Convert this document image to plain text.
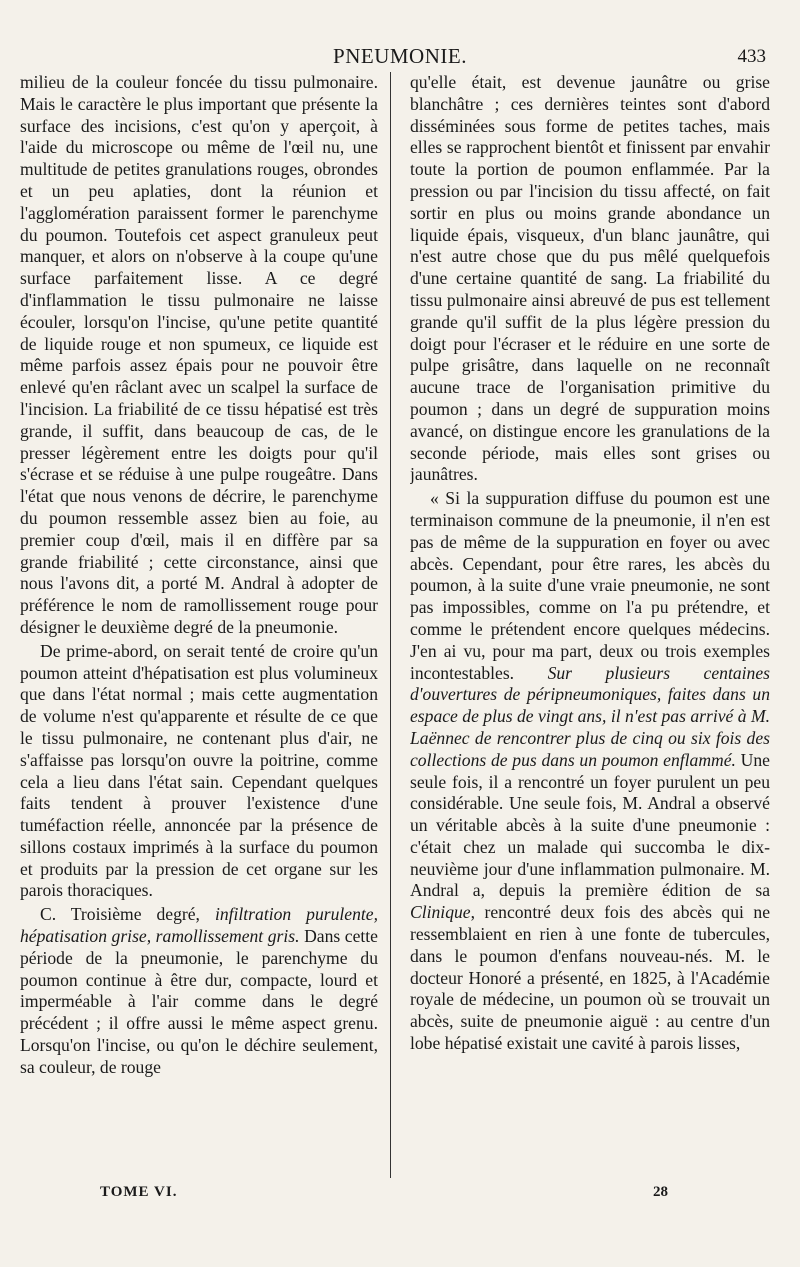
PNEUMONIE.	433

milieu de la couleur foncée du tissu pulmonaire. Mais le caractère le plus important que présente la surface des incisions, c'est qu'on y aperçoit, à l'aide du microscope ou même de l'œil nu, une multitude de petites granulations rouges, obrondes et un peu aplaties, dont la réunion et l'agglomération paraissent former le parenchyme du poumon. Toutefois cet aspect granuleux peut manquer, et alors on n'observe à la coupe qu'une surface parfaitement lisse. A ce degré d'inflammation le tissu pulmonaire ne laisse écouler, lorsqu'on l'incise, qu'une petite quantité de liquide rouge et non spumeux, ce liquide est même parfois assez épais pour ne pouvoir être enlevé qu'en râclant avec un scalpel la surface de l'incision. La friabilité de ce tissu hépatisé est très grande, il suffit, dans beaucoup de cas, de le presser légèrement entre les doigts pour qu'il s'écrase et se réduise à une pulpe rougeâtre. Dans l'état que nous venons de décrire, le parenchyme du poumon ressemble assez bien au foie, au premier coup d'œil, mais il en diffère par sa grande friabilité ; cette circonstance, ainsi que nous l'avons dit, a porté M. Andral à adopter de préférence le nom de ramollissement rouge pour désigner le deuxième degré de la pneumonie.

De prime-abord, on serait tenté de croire qu'un poumon atteint d'hépatisation est plus volumineux que dans l'état normal ; mais cette augmentation de volume n'est qu'apparente et résulte de ce que le tissu pulmonaire, ne contenant plus d'air, ne s'affaisse pas lorsqu'on ouvre la poitrine, comme cela a lieu dans l'état sain. Cependant quelques faits tendent à prouver l'existence d'une tuméfaction réelle, annoncée par la présence de sillons costaux imprimés à la surface du poumon et produits par la pression de cet organe sur les parois thoraciques.

C. Troisième degré, infiltration purulente, hépatisation grise, ramollissement gris. Dans cette période de la pneumonie, le parenchyme du poumon continue à être dur, compacte, lourd et imperméable à l'air comme dans le degré précédent ; il offre aussi le même aspect grenu. Lorsqu'on l'incise, ou qu'on le déchire seulement, sa couleur, de rouge

qu'elle était, est devenue jaunâtre ou grise blanchâtre ; ces dernières teintes sont d'abord disséminées sous forme de petites taches, mais elles se rapprochent bientôt et finissent par envahir toute la portion de poumon enflammée. Par la pression ou par l'incision du tissu affecté, on fait sortir en plus ou moins grande abondance un liquide épais, visqueux, d'un blanc jaunâtre, qui n'est autre chose que du pus mêlé quelquefois d'une certaine quantité de sang. La friabilité du tissu pulmonaire ainsi abreuvé de pus est tellement grande qu'il suffit de la plus légère pression du doigt pour l'écraser et le réduire en une sorte de pulpe grisâtre, dans laquelle on ne reconnaît aucune trace de l'organisation primitive du poumon ; dans un degré de suppuration moins avancé, on distingue encore les granulations de la seconde période, mais elles sont grises ou jaunâtres.

« Si la suppuration diffuse du poumon est une terminaison commune de la pneumonie, il n'en est pas de même de la suppuration en foyer ou avec abcès. Cependant, pour être rares, les abcès du poumon, à la suite d'une vraie pneumonie, ne sont pas impossibles, comme on l'a pu prétendre, et comme le prétendent encore quelques médecins. J'en ai vu, pour ma part, deux ou trois exemples incontestables. Sur plusieurs centaines d'ouvertures de péripneumoniques, faites dans un espace de plus de vingt ans, il n'est pas arrivé à M. Laënnec de rencontrer plus de cinq ou six fois des collections de pus dans un poumon enflammé. Une seule fois, il a rencontré un foyer purulent un peu considérable. Une seule fois, M. Andral a observé un véritable abcès à la suite d'une pneumonie : c'était chez un malade qui succomba le dix-neuvième jour d'une inflammation pulmonaire. M. Andral a, depuis la première édition de sa Clinique, rencontré deux fois des abcès qui ne ressemblaient en rien à une fonte de tubercules, dans le poumon d'enfans nouveau-nés. M. le docteur Honoré a présenté, en 1825, à l'Académie royale de médecine, un poumon où se trouvait un abcès, suite de pneumonie aiguë : au centre d'un lobe hépatisé existait une cavité à parois lisses,

TOME VI.	28
